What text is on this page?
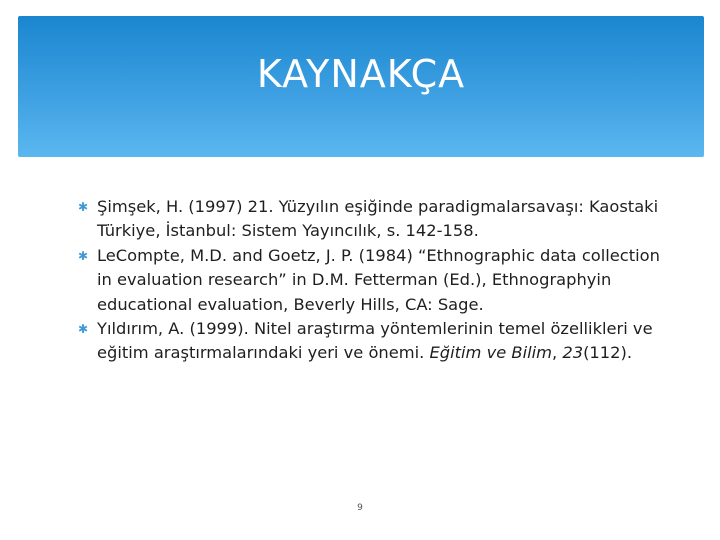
KAYNAKÇA
✱ Şimşek, H. (1997) 21. Yüzyılın eşiğinde paradigmalarsavaşı: Kaostaki Türkiye, İstanbul: Sistem Yayıncılık, s. 142-158.
✱ LeCompte, M.D. and Goetz, J. P. (1984) “Ethnographic data collection in evaluation research” in D.M. Fetterman (Ed.), Ethnographyin educational evaluation, Beverly Hills, CA: Sage.
✱ Yıldırım, A. (1999). Nitel araştırma yöntemlerinin temel özellikleri ve eğitim araştırmalarındaki yeri ve önemi. Eğitim ve Bilim, 23(112).
9
